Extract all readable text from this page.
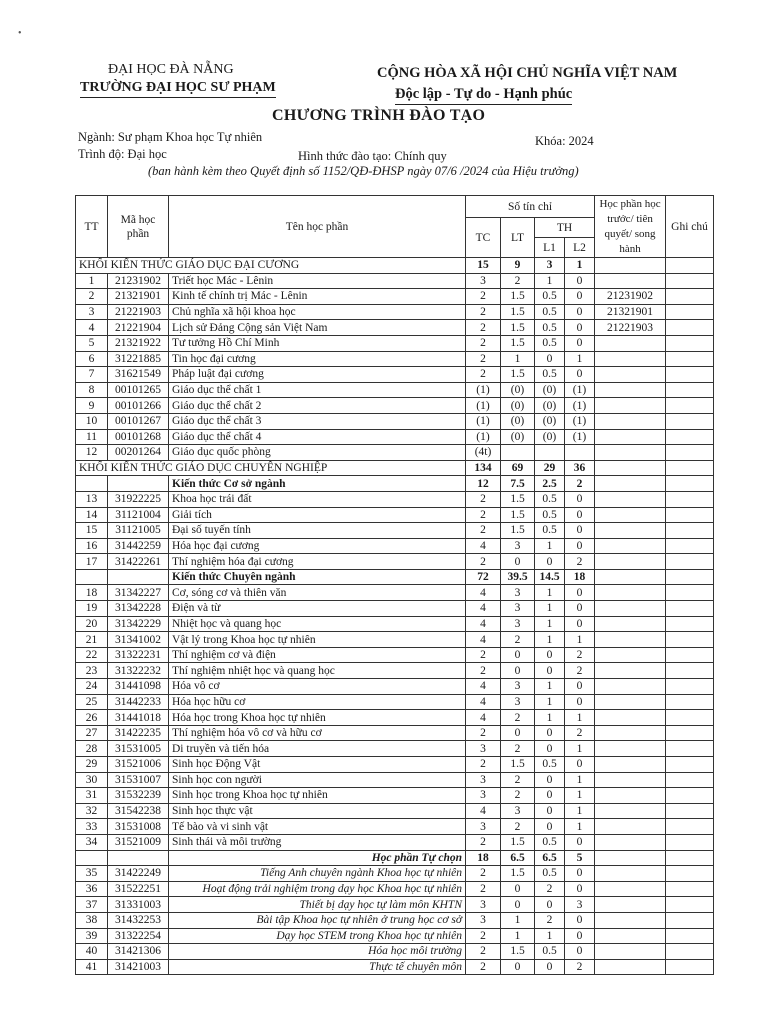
•
ĐẠI HỌC ĐÀ NẴNG
TRƯỜNG ĐẠI HỌC SƯ PHẠM
CỘNG HÒA XÃ HỘI CHỦ NGHĨA VIỆT NAM
Độc lập - Tự do - Hạnh phúc
CHƯƠNG TRÌNH ĐÀO TẠO
Ngành: Sư phạm Khoa học Tự nhiên	Khóa: 2024
Trình độ: Đại học	Hình thức đào tạo: Chính quy
(ban hành kèm theo Quyết định số 1152/QĐ-ĐHSP ngày 07/6 /2024 của Hiệu trưởng)
TT	Mã học phần	Tên học phần	Số tín chỉ				Học phần học trước/ tiên quyết/ song hành	Ghi chú
			TC	LT	TH			
					L1	L2		
KHỐI KIẾN THỨC GIÁO DỤC ĐẠI CƯƠNG			15	9	3	1		
1	21231902	Triết học Mác - Lênin	3	2	1	0		
2	21321901	Kinh tế chính trị Mác - Lênin	2	1.5	0.5	0	21231902	
3	21221903	Chủ nghĩa xã hội khoa học	2	1.5	0.5	0	21321901	
4	21221904	Lịch sử Đảng Cộng sản Việt Nam	2	1.5	0.5	0	21221903	
5	21321922	Tư tưởng Hồ Chí Minh	2	1.5	0.5	0		
6	31221885	Tin học đại cương	2	1	0	1		
7	31621549	Pháp luật đại cương	2	1.5	0.5	0		
8	00101265	Giáo dục thể chất 1	(1)	(0)	(0)	(1)		
9	00101266	Giáo dục thể chất 2	(1)	(0)	(0)	(1)		
10	00101267	Giáo dục thể chất 3	(1)	(0)	(0)	(1)		
11	00101268	Giáo dục thể chất 4	(1)	(0)	(0)	(1)		
12	00201264	Giáo dục quốc phòng	(4t)					
KHỐI KIẾN THỨC GIÁO DỤC CHUYÊN NGHIỆP			134	69	29	36		
		Kiến thức Cơ sở ngành	12	7.5	2.5	2		
13	31922225	Khoa học trái đất	2	1.5	0.5	0		
14	31121004	Giải tích	2	1.5	0.5	0		
15	31121005	Đại số tuyến tính	2	1.5	0.5	0		
16	31442259	Hóa học đại cương	4	3	1	0		
17	31422261	Thí nghiệm hóa đại cương	2	0	0	2		
		Kiến thức Chuyên ngành	72	39.5	14.5	18		
18	31342227	Cơ, sóng cơ và thiên văn	4	3	1	0		
19	31342228	Điện và từ	4	3	1	0		
20	31342229	Nhiệt học và quang học	4	3	1	0		
21	31341002	Vật lý trong Khoa học tự nhiên	4	2	1	1		
22	31322231	Thí nghiệm cơ và điện	2	0	0	2		
23	31322232	Thí nghiệm nhiệt học và quang học	2	0	0	2		
24	31441098	Hóa vô cơ	4	3	1	0		
25	31442233	Hóa học hữu cơ	4	3	1	0		
26	31441018	Hóa học trong Khoa học tự nhiên	4	2	1	1		
27	31422235	Thí nghiệm hóa vô cơ và hữu cơ	2	0	0	2		
28	31531005	Di truyền và tiến hóa	3	2	0	1		
29	31521006	Sinh học Động Vật	2	1.5	0.5	0		
30	31531007	Sinh học con người	3	2	0	1		
31	31532239	Sinh học trong Khoa học tự nhiên	3	2	0	1		
32	31542238	Sinh học thực vật	4	3	0	1		
33	31531008	Tế bào và vi sinh vật	3	2	0	1		
34	31521009	Sinh thái và môi trường	2	1.5	0.5	0		
		Học phần Tự chọn	18	6.5	6.5	5		
35	31422249	Tiếng Anh chuyên ngành Khoa học tự nhiên	2	1.5	0.5	0		
36	31522251	Hoạt động trải nghiệm trong dạy học Khoa học tự nhiên	2	0	2	0		
37	31331003	Thiết bị dạy học tự làm môn KHTN	3	0	0	3		
38	31432253	Bài tập Khoa học tự nhiên ở trung học cơ sở	3	1	2	0		
39	31322254	Dạy học STEM trong Khoa học tự nhiên	2	1	1	0		
40	31421306	Hóa học môi trường	2	1.5	0.5	0		
41	31421003	Thực tế chuyên môn	2	0	0	2		
